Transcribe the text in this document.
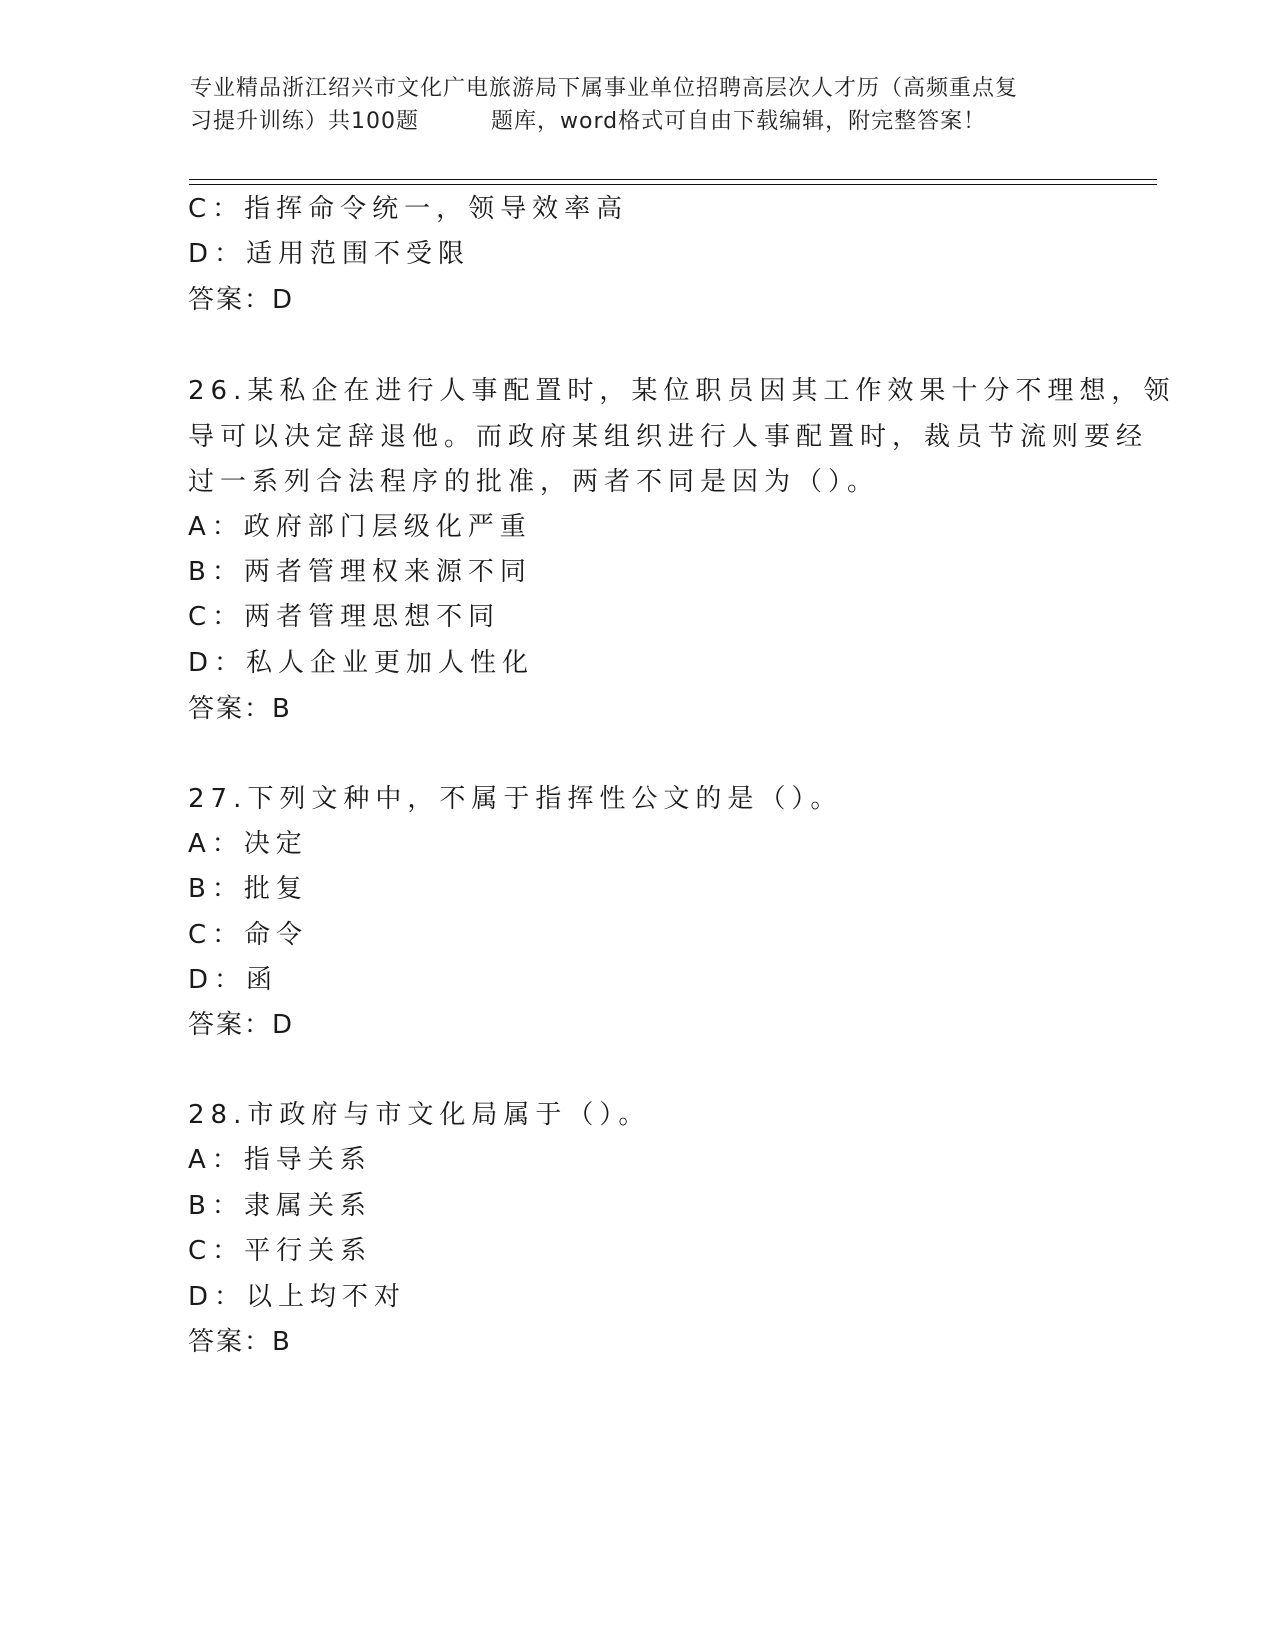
专业精品浙江绍兴市文化广电旅游局下属事业单位招聘高层次人才历（高频重点复
习提升训练）共100题	题库，word格式可自由下载编辑，附完整答案！
C：指挥命令统一，领导效率高
D：适用范围不受限
答案：D
26.某私企在进行人事配置时，某位职员因其工作效果十分不理想，领
导可以决定辞退他。而政府某组织进行人事配置时，裁员节流则要经
过一系列合法程序的批准，两者不同是因为（）。
A：政府部门层级化严重
B：两者管理权来源不同
C：两者管理思想不同
D：私人企业更加人性化
答案：B
27.下列文种中，不属于指挥性公文的是（）。
A：决定
B：批复
C：命令
D：函
答案：D
28.市政府与市文化局属于（）。
A：指导关系
B：隶属关系
C：平行关系
D：以上均不对
答案：B
